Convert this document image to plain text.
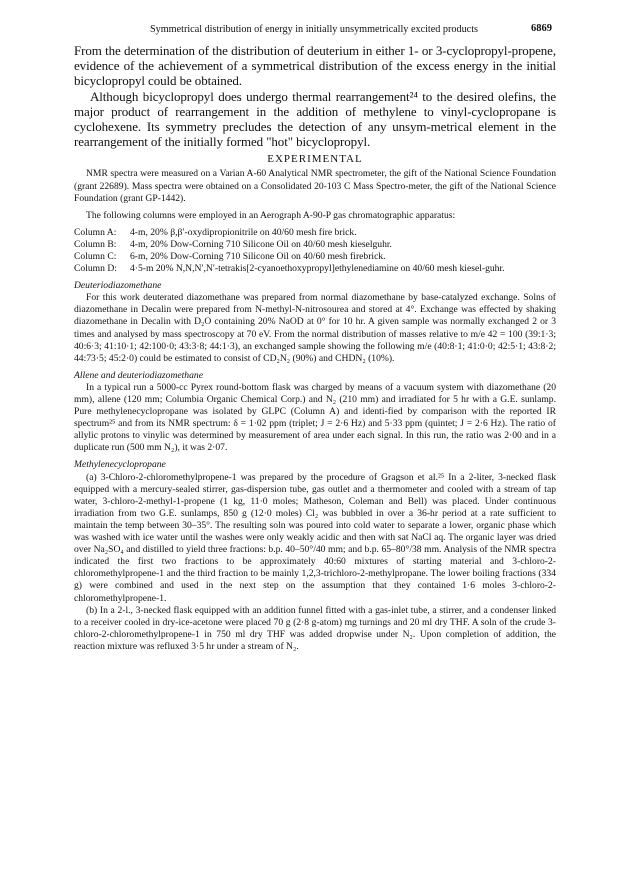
Symmetrical distribution of energy in initially unsymmetrically excited products	6869

From the determination of the distribution of deuterium in either 1- or 3-cyclopropyl-propene, evidence of the achievement of a symmetrical distribution of the excess energy in the initial bicyclopropyl could be obtained.

Although bicyclopropyl does undergo thermal rearrangement²⁴ to the desired olefins, the major product of rearrangement in the addition of methylene to vinyl-cyclopropane is cyclohexene. Its symmetry precludes the detection of any unsym-metrical element in the rearrangement of the initially formed "hot" bicyclopropyl.

EXPERIMENTAL

NMR spectra were measured on a Varian A-60 Analytical NMR spectrometer, the gift of the National Science Foundation (grant 22689). Mass spectra were obtained on a Consolidated 20-103 C Mass Spectro-meter, the gift of the National Science Foundation (grant GP-1442).

The following columns were employed in an Aerograph A-90-P gas chromatographic apparatus:

Column A:	4-m, 20% β,β′-oxydipropionitrile on 40/60 mesh fire brick.
Column B:	4-m, 20% Dow-Corning 710 Silicone Oil on 40/60 mesh kieselguhr.
Column C:	6-m, 20% Dow-Corning 710 Silicone Oil on 40/60 mesh firebrick.
Column D:	4·5-m 20% N,N,N′,N′-tetrakis[2-cyanoethoxypropyl]ethylenediamine on 40/60 mesh kiesel-guhr.

Deuteriodiazomethane

For this work deuterated diazomethane was prepared from normal diazomethane by base-catalyzed exchange. Solns of diazomethane in Decalin were prepared from N-methyl-N-nitrosourea and stored at 4°. Exchange was effected by shaking diazomethane in Decalin with D₂O containing 20% NaOD at 0° for 10 hr. A given sample was normally exchanged 2 or 3 times and analysed by mass spectroscopy at 70 eV. From the normal distribution of masses relative to m/e 42 = 100 (39:1·3; 40:6·3; 41:10·1; 42:100·0; 43:3·8; 44:1·3), an exchanged sample showing the following m/e (40:8·1; 41:0·0; 42:5·1; 43:8·2; 44:73·5; 45:2·0) could be estimated to consist of CD₂N₂ (90%) and CHDN₂ (10%).

Allene and deuteriodiazomethane

In a typical run a 5000-cc Pyrex round-bottom flask was charged by means of a vacuum system with diazomethane (20 mm), allene (120 mm; Columbia Organic Chemical Corp.) and N₂ (210 mm) and irradiated for 5 hr with a G.E. sunlamp. Pure methylenecyclopropane was isolated by GLPC (Column A) and identi-fied by comparison with the reported IR spectrum²⁵ and from its NMR spectrum: δ = 1·02 ppm (triplet; J = 2·6 Hz) and 5·33 ppm (quintet; J = 2·6 Hz). The ratio of allylic protons to vinylic was determined by measurement of area under each signal. In this run, the ratio was 2·00 and in a duplicate run (500 mm N₂), it was 2·07.

Methylenecyclopropane

(a) 3-Chloro-2-chloromethylpropene-1 was prepared by the procedure of Gragson et al.²⁵ In a 2-liter, 3-necked flask equipped with a mercury-sealed stirrer, gas-dispersion tube, gas outlet and a thermometer and cooled with a stream of tap water, 3-chloro-2-methyl-1-propene (1 kg, 11·0 moles; Matheson, Coleman and Bell) was placed. Under continuous irradiation from two G.E. sunlamps, 850 g (12·0 moles) Cl₂ was bubbled in over a 36-hr period at a rate sufficient to maintain the temp between 30–35°. The resulting soln was poured into cold water to separate a lower, organic phase which was washed with ice water until the washes were only weakly acidic and then with sat NaCl aq. The organic layer was dried over Na₂SO₄ and distilled to yield three fractions: b.p. 40–50°/40 mm; and b.p. 65–80°/38 mm. Analysis of the NMR spectra indicated the first two fractions to be approximately 40:60 mixtures of starting material and 3-chloro-2-chloromethylpropene-1 and the third fraction to be mainly 1,2,3-trichloro-2-methylpropane. The lower boiling fractions (334 g) were combined and used in the next step on the assumption that they contained 1·6 moles 3-chloro-2-chloromethylpropene-1.

(b) In a 2-l., 3-necked flask equipped with an addition funnel fitted with a gas-inlet tube, a stirrer, and a condenser linked to a receiver cooled in dry-ice-acetone were placed 70 g (2·8 g-atom) mg turnings and 20 ml dry THF. A soln of the crude 3-chloro-2-chloromethylpropene-1 in 750 ml dry THF was added dropwise under N₂. Upon completion of addition, the reaction mixture was refluxed 3·5 hr under a stream of N₂.
